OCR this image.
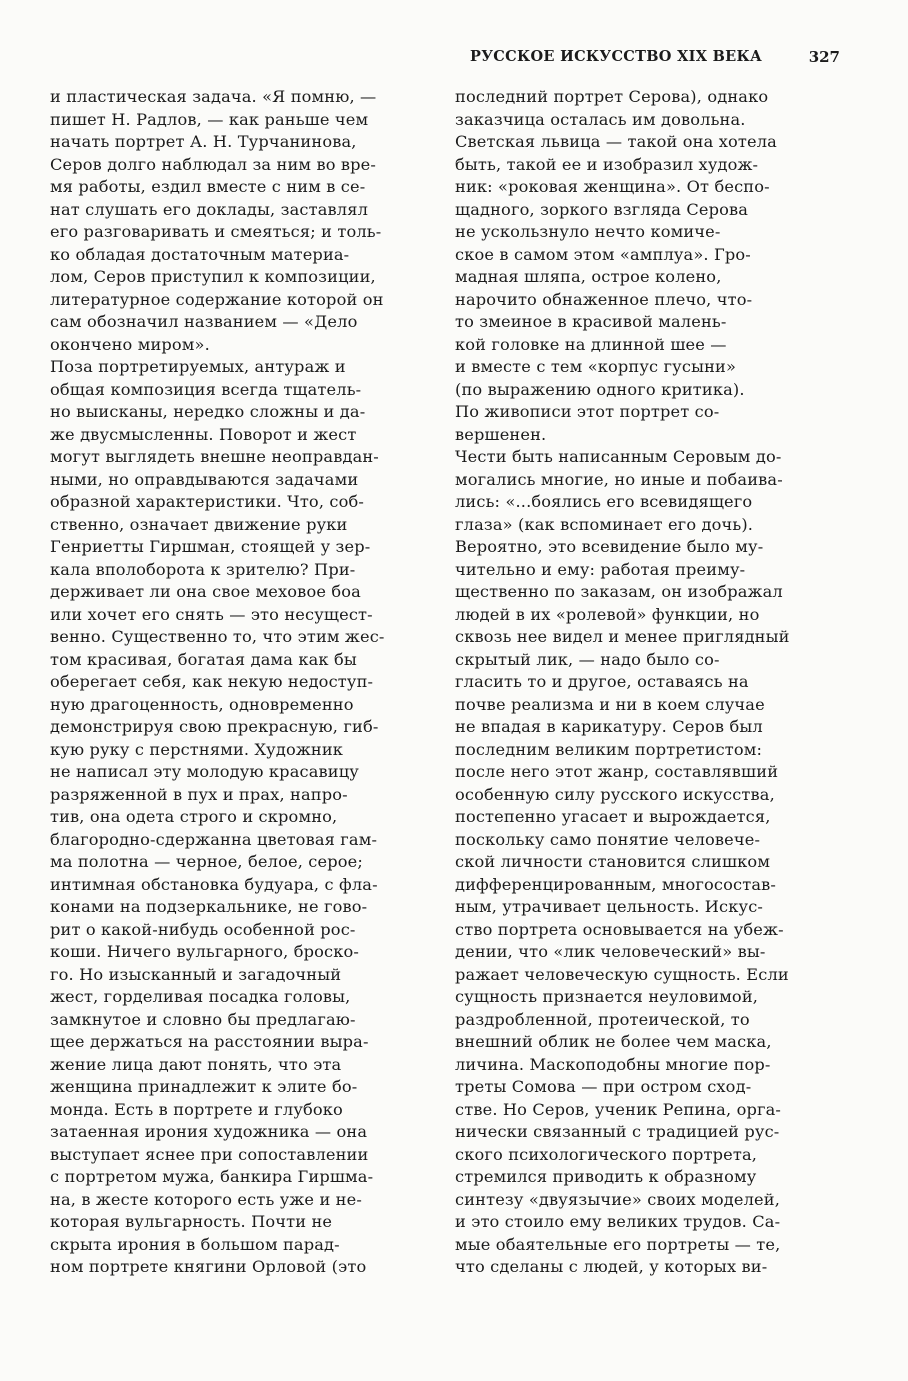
РУССКОЕ ИСКУССТВО XIX ВЕКА	327
и пластическая задача. «Я помню, —
пишет Н. Радлов, — как раньше чем
начать портрет А. Н. Турчанинова,
Серов долго наблюдал за ним во вре-
мя работы, ездил вместе с ним в се-
нат слушать его доклады, заставлял
его разговаривать и смеяться; и толь-
ко обладая достаточным материа-
лом, Серов приступил к композиции,
литературное содержание которой он
сам обозначил названием — «Дело
окончено миром».
Поза портретируемых, антураж и
общая композиция всегда тщатель-
но выисканы, нередко сложны и да-
же двусмысленны. Поворот и жест
могут выглядеть внешне неоправдан-
ными, но оправдываются задачами
образной характеристики. Что, соб-
ственно, означает движение руки
Генриетты Гиршман, стоящей у зер-
кала вполоборота к зрителю? При-
держивает ли она свое меховое боа
или хочет его снять — это несущест-
венно. Существенно то, что этим жес-
том красивая, богатая дама как бы
оберегает себя, как некую недоступ-
ную драгоценность, одновременно
демонстрируя свою прекрасную, гиб-
кую руку с перстнями. Художник
не написал эту молодую красавицу
разряженной в пух и прах, напро-
тив, она одета строго и скромно,
благородно-сдержанна цветовая гам-
ма полотна — черное, белое, серое;
интимная обстановка будуара, с фла-
конами на подзеркальнике, не гово-
рит о какой-нибудь особенной рос-
коши. Ничего вульгарного, броско-
го. Но изысканный и загадочный
жест, горделивая посадка головы,
замкнутое и словно бы предлагаю-
щее держаться на расстоянии выра-
жение лица дают понять, что эта
женщина принадлежит к элите бо-
монда. Есть в портрете и глубоко
затаенная ирония художника — она
выступает яснее при сопоставлении
с портретом мужа, банкира Гиршма-
на, в жесте которого есть уже и не-
которая вульгарность. Почти не
скрыта ирония в большом парад-
ном портрете княгини Орловой (это
последний портрет Серова), однако
заказчица осталась им довольна.
Светская львица — такой она хотела
быть, такой ее и изобразил худож-
ник: «роковая женщина». От беспо-
щадного, зоркого взгляда Серова
не ускользнуло нечто комиче-
ское в самом этом «амплуа». Гро-
мадная шляпа, острое колено,
нарочито обнаженное плечо, что-
то змеиное в красивой малень-
кой головке на длинной шее —
и вместе с тем «корпус гусыни»
(по выражению одного критика).
По живописи этот портрет со-
вершенен.
Чести быть написанным Серовым до-
могались многие, но иные и побаива-
лись: «...боялись его всевидящего
глаза» (как вспоминает его дочь).
Вероятно, это всевидение было му-
чительно и ему: работая преиму-
щественно по заказам, он изображал
людей в их «ролевой» функции, но
сквозь нее видел и менее приглядный
скрытый лик, — надо было со-
гласить то и другое, оставаясь на
почве реализма и ни в коем случае
не впадая в карикатуру. Серов был
последним великим портретистом:
после него этот жанр, составлявший
особенную силу русского искусства,
постепенно угасает и вырождается,
поскольку само понятие человече-
ской личности становится слишком
дифференцированным, многосостав-
ным, утрачивает цельность. Искус-
ство портрета основывается на убеж-
дении, что «лик человеческий» вы-
ражает человеческую сущность. Если
сущность признается неуловимой,
раздробленной, протеической, то
внешний облик не более чем маска,
личина. Маскоподобны многие пор-
треты Сомова — при остром сход-
стве. Но Серов, ученик Репина, орга-
нически связанный с традицией рус-
ского психологического портрета,
стремился приводить к образному
синтезу «двуязычие» своих моделей,
и это стоило ему великих трудов. Са-
мые обаятельные его портреты — те,
что сделаны с людей, у которых ви-
